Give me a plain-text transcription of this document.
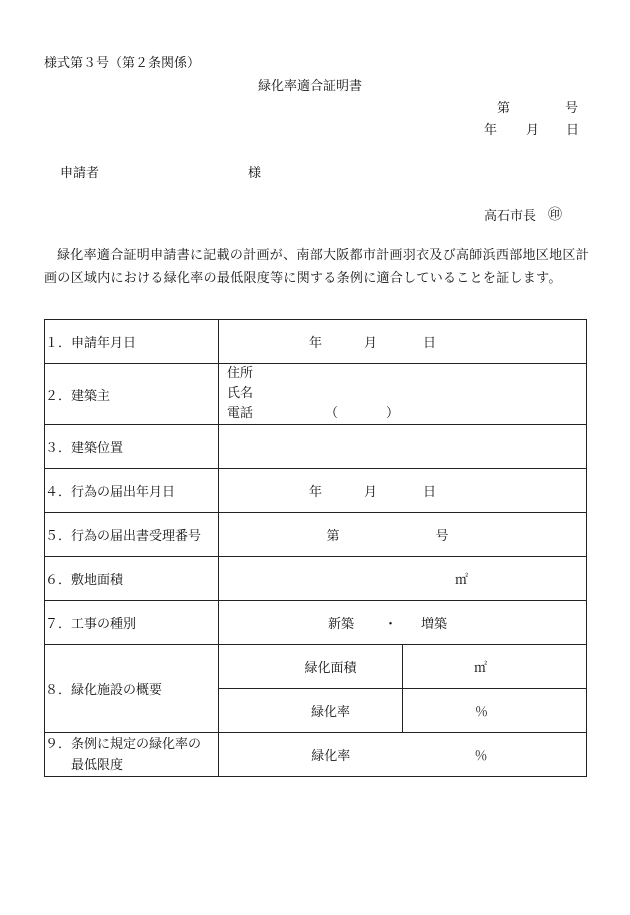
様式第３号（第２条関係）
緑化率適合証明書
第	号
年 月 日
申請者	様
高石市長 ㊞
緑化率適合証明申請書に記載の計画が、南部大阪都市計画羽衣及び高師浜西部地区地区計画の区域内における緑化率の最低限度等に関する条例に適合していることを証します。
１．申請年月日	年 月 日	
２．建築主	住所
氏名
電話 （ ）	

３．建築位置		
４．行為の届出年月日	年 月 日	
５．行為の届出書受理番号	第 号	
６．敷地面積	㎡	
７．工事の種別	新築 ・ 増築	
８．緑化施設の概要	緑化面積	㎡
	緑化率	％

９．条例に規定の緑化率の
最低限度	緑化率	％
